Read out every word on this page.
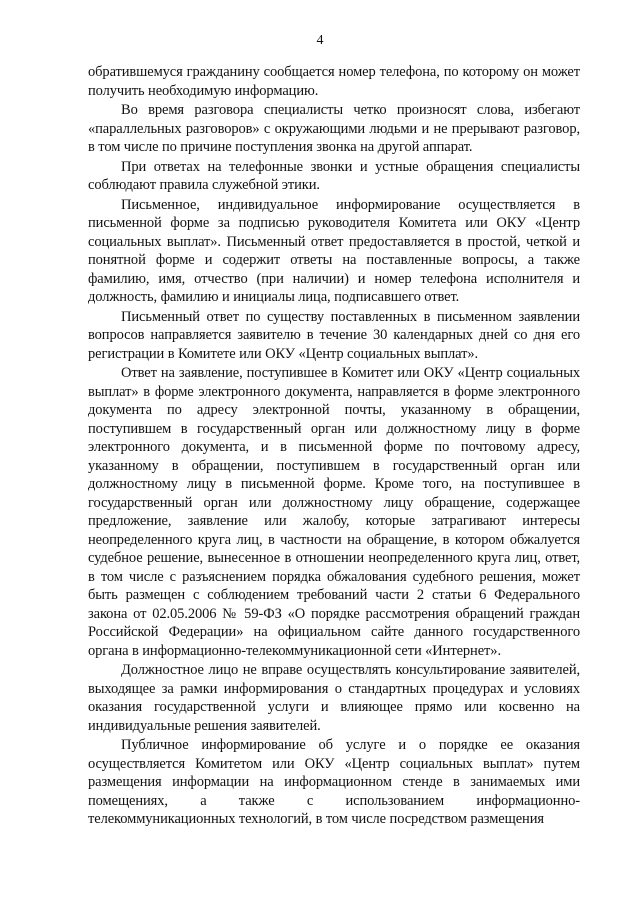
4

обратившемуся гражданину сообщается номер телефона, по которому он может получить необходимую информацию.

Во время разговора специалисты четко произносят слова, избегают «параллельных разговоров» с окружающими людьми и не прерывают разговор, в том числе по причине поступления звонка на другой аппарат.

При ответах на телефонные звонки и устные обращения специалисты соблюдают правила служебной этики.

Письменное, индивидуальное информирование осуществляется в письменной форме за подписью руководителя Комитета или ОКУ «Центр социальных выплат». Письменный ответ предоставляется в простой, четкой и понятной форме и содержит ответы на поставленные вопросы, а также фамилию, имя, отчество (при наличии) и номер телефона исполнителя и должность, фамилию и инициалы лица, подписавшего ответ.

Письменный ответ по существу поставленных в письменном заявлении вопросов направляется заявителю в течение 30 календарных дней со дня его регистрации в Комитете или ОКУ «Центр социальных выплат».

Ответ на заявление, поступившее в Комитет или ОКУ «Центр социальных выплат» в форме электронного документа, направляется в форме электронного документа по адресу электронной почты, указанному в обращении, поступившем в государственный орган или должностному лицу в форме электронного документа, и в письменной форме по почтовому адресу, указанному в обращении, поступившем в государственный орган или должностному лицу в письменной форме. Кроме того, на поступившее в государственный орган или должностному лицу обращение, содержащее предложение, заявление или жалобу, которые затрагивают интересы неопределенного круга лиц, в частности на обращение, в котором обжалуется судебное решение, вынесенное в отношении неопределенного круга лиц, ответ, в том числе с разъяснением порядка обжалования судебного решения, может быть размещен с соблюдением требований части 2 статьи 6 Федерального закона от 02.05.2006 № 59-ФЗ «О порядке рассмотрения обращений граждан Российской Федерации» на официальном сайте данного государственного органа в информационно-телекоммуникационной сети «Интернет».

Должностное лицо не вправе осуществлять консультирование заявителей, выходящее за рамки информирования о стандартных процедурах и условиях оказания государственной услуги и влияющее прямо или косвенно на индивидуальные решения заявителей.

Публичное информирование об услуге и о порядке ее оказания осуществляется Комитетом или ОКУ «Центр социальных выплат» путем размещения информации на информационном стенде в занимаемых ими помещениях, а также с использованием информационно-телекоммуникационных технологий, в том числе посредством размещения
